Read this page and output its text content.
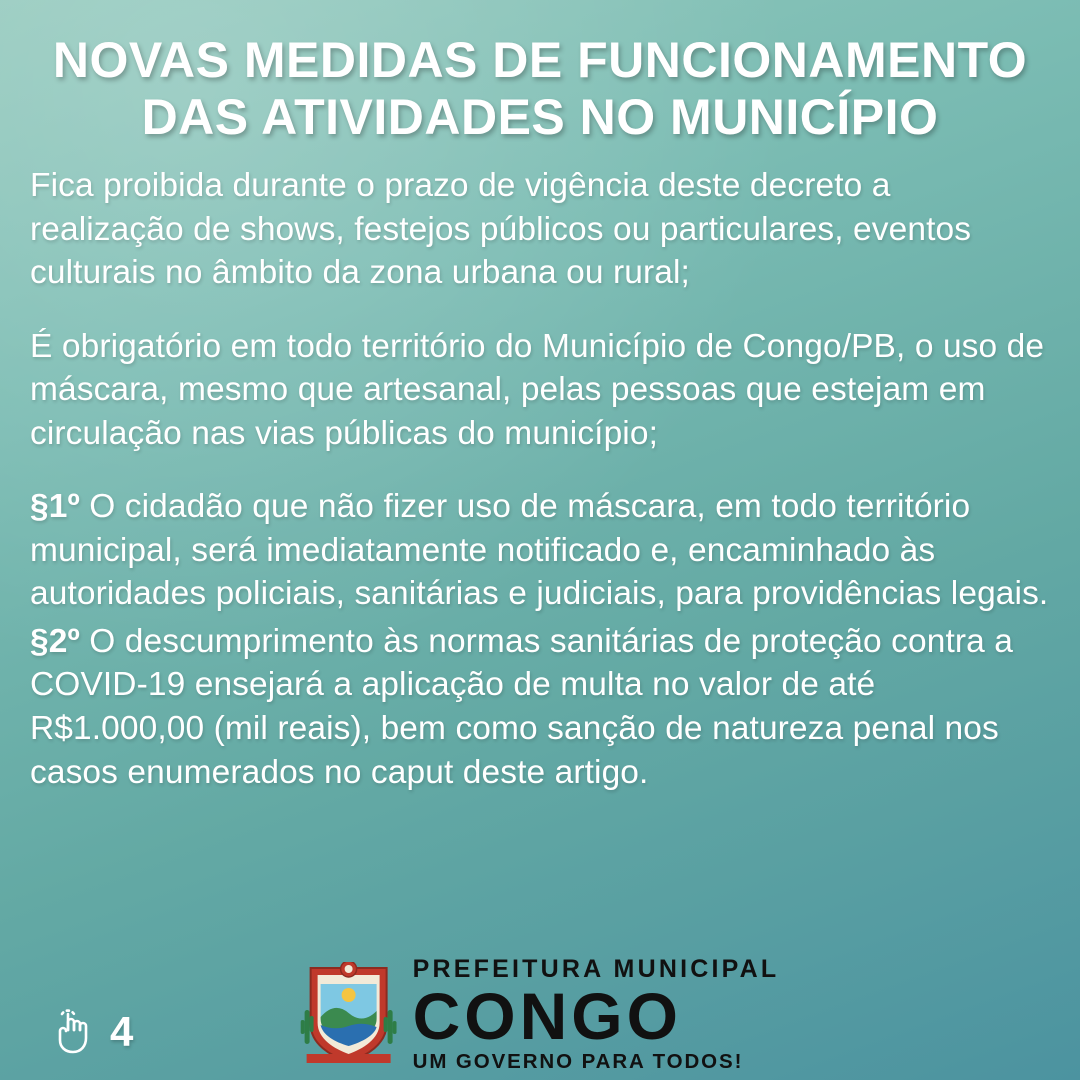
NOVAS MEDIDAS DE FUNCIONAMENTO
DAS ATIVIDADES NO MUNICÍPIO

Fica proibida durante o prazo de vigência deste decreto a realização de shows, festejos públicos ou particulares, eventos culturais no âmbito da zona urbana ou rural;

É obrigatório em todo território do Município de Congo/PB, o uso de máscara, mesmo que artesanal, pelas pessoas que estejam em circulação nas vias públicas do município;

§1º O cidadão que não fizer uso de máscara, em todo território municipal, será imediatamente notificado e, encaminhado às autoridades policiais, sanitárias e judiciais, para providências legais.

§2º O descumprimento às normas sanitárias de proteção contra a COVID-19 ensejará a aplicação de multa no valor de até R$1.000,00 (mil reais), bem como sanção de natureza penal nos casos enumerados no caput deste artigo.

4
PREFEITURA MUNICIPAL
CONGO
UM GOVERNO PARA TODOS!
